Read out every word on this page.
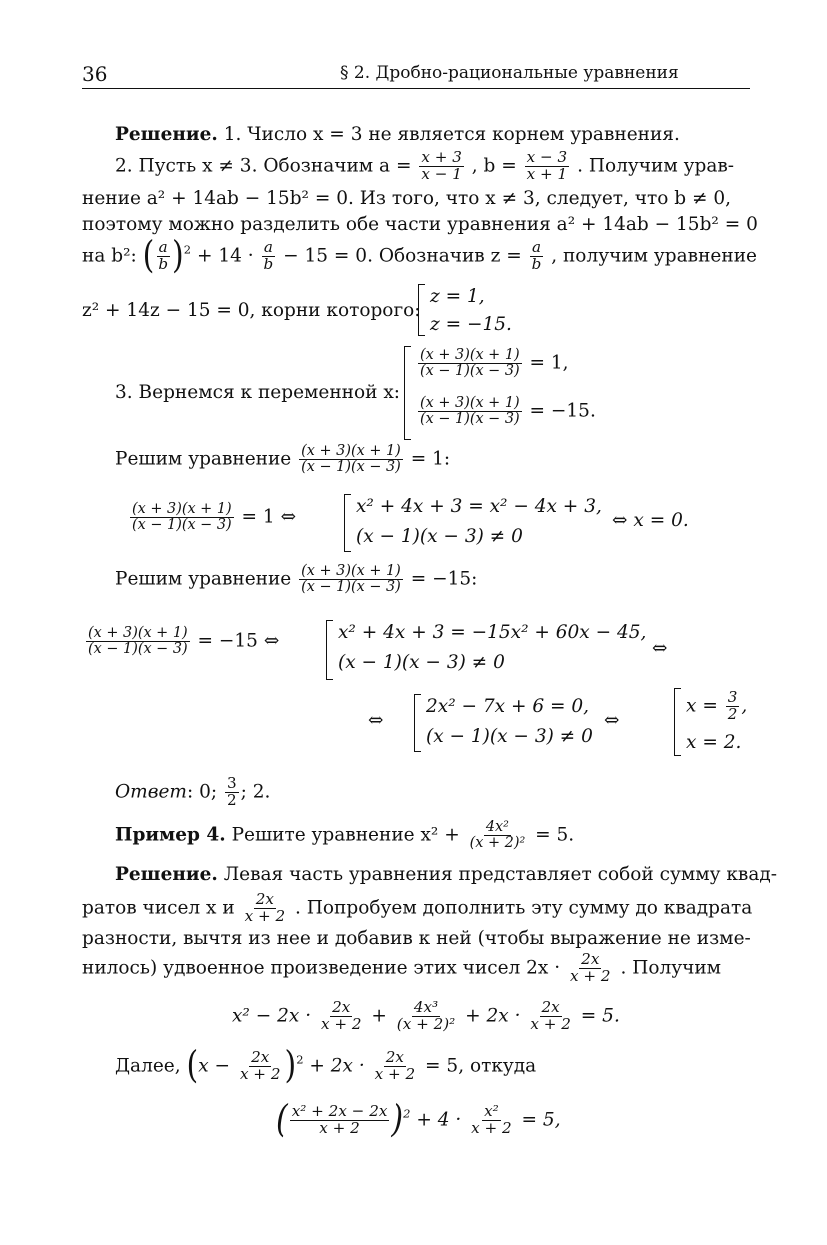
36	§ 2. Дробно-рациональные уравнения
Решение. 1. Число x = 3 не является корнем уравнения.
2. Пусть x ≠ 3. Обозначим $a = \frac{x + 3}{x - 1}$ , $b = \frac{x - 3}{x + 1}$ . Получим урав-
нение a² + 14ab − 15b² = 0. Из того, что x ≠ 3, следует, что b ≠ 0,
поэтому можно разделить обе части уравнения a² + 14ab − 15b² = 0
на b²: ( $\frac{a}{b} )^2 + 14 \cdot \frac{a}{b} - 15 = 0$. Обозначив $z = \frac{a}{b}$ , получим уравнение
z² + 14z − 15 = 0, корни которого:
z = 1,
z = −15.
3. Вернемся к переменной x:
$\frac{(x + 3)(x + 1)}{(x - 1)(x - 3)} = 1$,
$\frac{(x + 3)(x + 1)}{(x - 1)(x - 3)} = -15$.
Решим уравнение $\frac{(x + 3)(x + 1)}{(x - 1)(x - 3)} = 1$:
$\frac{(x + 3)(x + 1)}{(x - 1)(x - 3)} = 1$ ⇔
x² + 4x + 3 = x² − 4x + 3,
(x − 1)(x − 3) ≠ 0
⇔ x = 0.
Решим уравнение $\frac{(x + 3)(x + 1)}{(x - 1)(x - 3)} = -15$:
$\frac{(x + 3)(x + 1)}{(x - 1)(x - 3)} = -15$ ⇔	x² + 4x + 3 = −15x² + 60x − 45,
(x − 1)(x − 3) ≠ 0
⇔
⇔
2x² − 7x + 6 = 0,
(x − 1)(x − 3) ≠ 0
⇔
$x = \frac{3}{2}$ ,
x = 2.
Ответ: 0; $\frac{3}{2}$ ; 2.
Пример 4. Решите уравнение $x^2 + \frac{\text{4x²}}{\text{(x + 2)²}} = 5$.
Решение. Левая часть уравнения представляет собой сумму квад-
ратов чисел x и $\frac{2x}{x + 2}$ . Попробуем дополнить эту сумму до квадрата
разности, вычтя из нее и добавив к ней (чтобы выражение не изме-
нилось) удвоенное произведение этих чисел $2x \cdot \frac{2x}{x + 2}$ . Получим
$x^2 - 2x \cdot \frac{2x}{x + 2} + \frac{\text{4x³}}{\text{(x + 2)²}} + 2x \cdot \frac{2x}{x + 2} = 5$.
Далее, $(x - \frac{2x}{x + 2} )^2 + 2x \cdot \frac{2x}{x + 2} = 5$, откуда
( $\frac{\text{x² + 2x − 2x}}{x + 2} )^2 + 4 \cdot \frac{\text{x²}}{x + 2} = 5$,
